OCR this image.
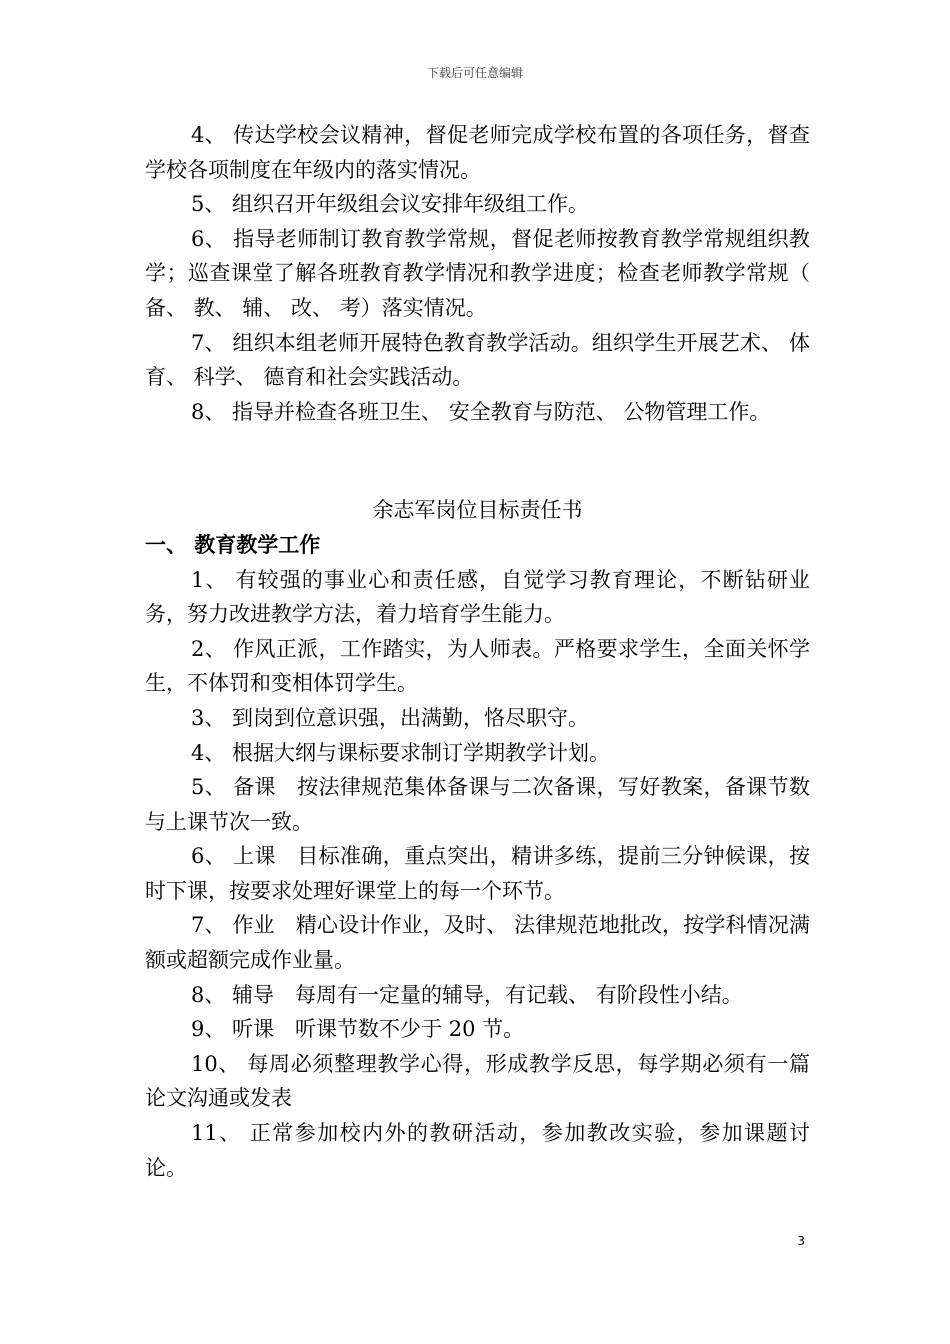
下载后可任意编辑

4、 传达学校会议精神，督促老师完成学校布置的各项任务，督查学校各项制度在年级内的落实情况。

5、 组织召开年级组会议安排年级组工作。

6、 指导老师制订教育教学常规，督促老师按教育教学常规组织教学；巡查课堂了解各班教育教学情况和教学进度；检查老师教学常规（ 备、 教、 辅、 改、 考）落实情况。

7、 组织本组老师开展特色教育教学活动。组织学生开展艺术、 体育、 科学、 德育和社会实践活动。

8、 指导并检查各班卫生、 安全教育与防范、 公物管理工作。

余志军岗位目标责任书

一、 教育教学工作

1、 有较强的事业心和责任感，自觉学习教育理论，不断钻研业务，努力改进教学方法，着力培育学生能力。

2、 作风正派，工作踏实，为人师表。严格要求学生，全面关怀学生，不体罚和变相体罚学生。

3、 到岗到位意识强，出满勤，恪尽职守。

4、 根据大纲与课标要求制订学期教学计划。

5、 备课　按法律规范集体备课与二次备课，写好教案，备课节数与上课节次一致。

6、 上课　目标准确，重点突出，精讲多练，提前三分钟候课，按时下课，按要求处理好课堂上的每一个环节。

7、 作业　精心设计作业，及时、 法律规范地批改，按学科情况满额或超额完成作业量。

8、 辅导　每周有一定量的辅导，有记载、 有阶段性小结。

9、 听课　听课节数不少于 20 节。

10、 每周必须整理教学心得，形成教学反思，每学期必须有一篇论文沟通或发表

11、 正常参加校内外的教研活动，参加教改实验，参加课题讨论。

3
